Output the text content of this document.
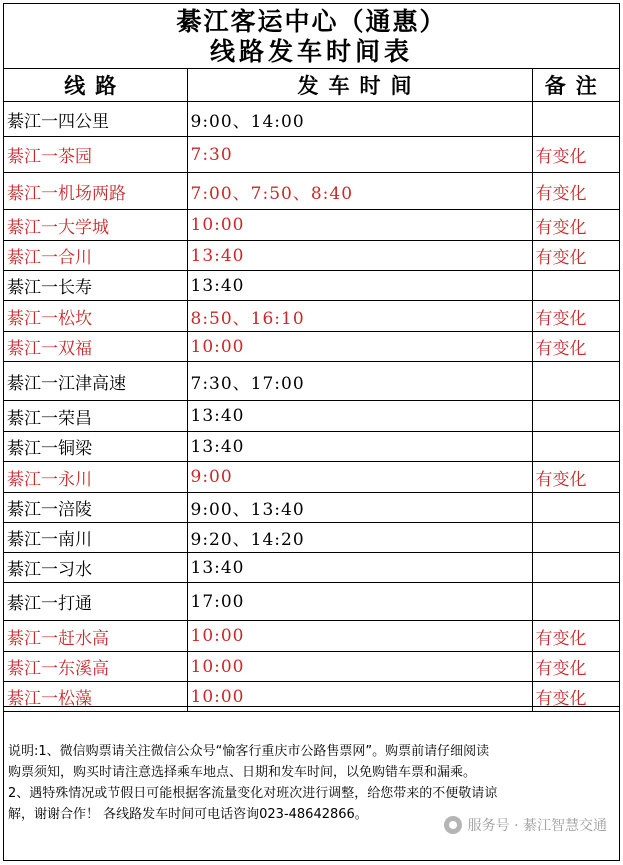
綦江客运中心（通惠）
线路发车时间表
线路	发车时间	备注
綦江一四公里	9:00、14:00	
綦江一茶园	7:30	有变化
綦江一机场两路	7:00、7:50、8:40	有变化
綦江一大学城	10:00	有变化
綦江一合川	13:40	有变化
綦江一长寿	13:40	
綦江一松坎	8:50、16:10	有变化
綦江一双福	10:00	有变化
綦江一江津高速	7:30、17:00	
綦江一荣昌	13:40	
綦江一铜梁	13:40	
綦江一永川	9:00	有变化
綦江一涪陵	9:00、13:40	
綦江一南川	9:20、14:20	
綦江一习水	13:40	
綦江一打通	17:00	
綦江一赶水高	10:00	有变化
綦江一东溪高	10:00	有变化
綦江一松藻	10:00	有变化

说明:1、微信购票请关注微信公众号“愉客行重庆市公路售票网”。购票前请仔细阅读

购票须知，购买时请注意选择乘车地点、日期和发车时间，以免购错车票和漏乘。

2、遇特殊情况或节假日可能根据客流量变化对班次进行调整，给您带来的不便敬请谅

解，谢谢合作！ 各线路发车时间可电话咨询023-48642866。

服务号 · 綦江智慧交通
